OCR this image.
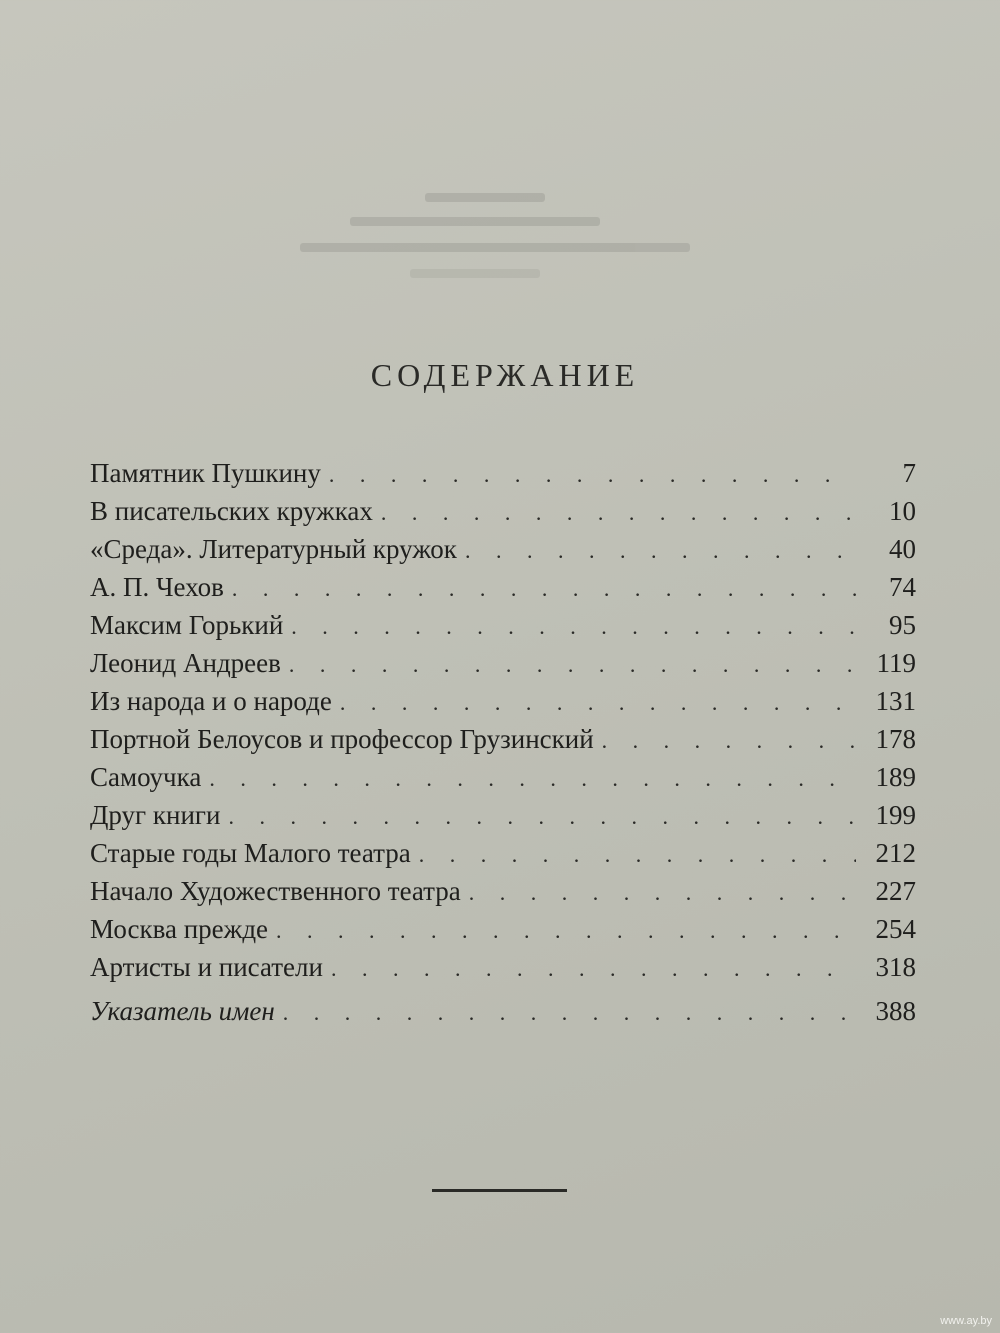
СОДЕРЖАНИЕ
Памятник Пушкину . . .	7
В писательских кружках . . .	10
«Среда». Литературный кружок . . .	40
А. П. Чехов . . .	74
Максим Горький . . .	95
Леонид Андреев . . .	119
Из народа и о народе . . .	131
Портной Белоусов и профессор Грузинский . . .	178
Самоучка . . .	189
Друг книги . . .	199
Старые годы Малого театра . . .	212
Начало Художественного театра . . .	227
Москва прежде . . .	254
Артисты и писатели . . .	318
Указатель имен . . .	388
www.ay.by
